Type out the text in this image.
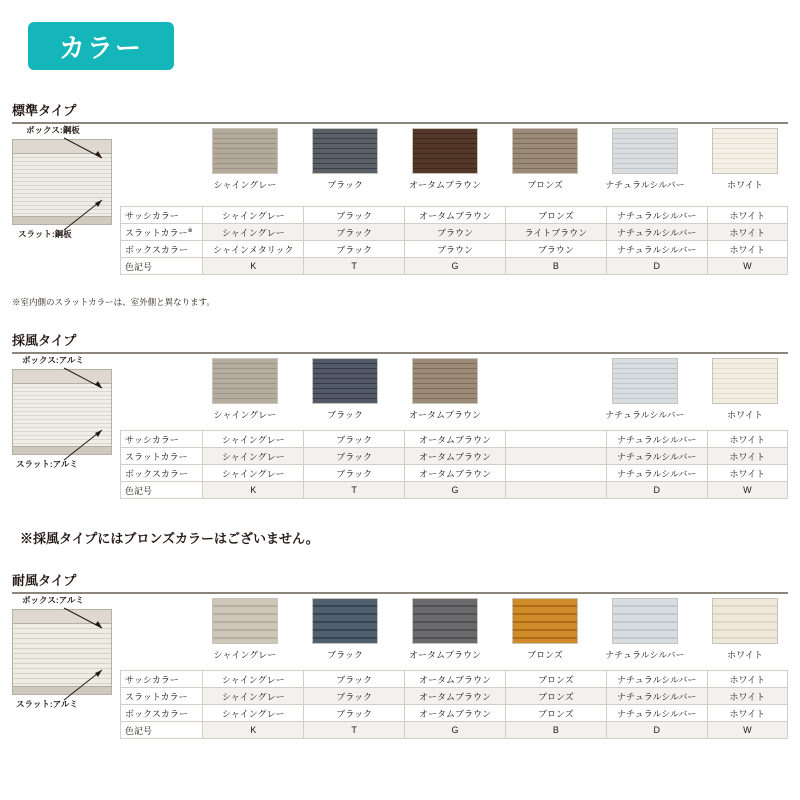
カラー
標準タイプ
ボックス:鋼板
スラット:鋼板
シャイングレー	ブラック	オータムブラウン	ブロンズ	ナチュラルシルバー	ホワイト
サッシカラー	シャイングレー	ブラック	オータムブラウン	ブロンズ	ナチュラルシルバー	ホワイト
スラットカラー※	シャイングレー	ブラック	ブラウン	ライトブラウン	ナチュラルシルバー	ホワイト
ボックスカラー	シャインメタリック	ブラック	ブラウン	ブラウン	ナチュラルシルバー	ホワイト
色記号	K	T	G	B	D	W
※室内側のスラットカラーは、室外側と異なります。
採風タイプ
ボックス:アルミ
スラット:アルミ
シャイングレー	ブラック	オータムブラウン	ナチュラルシルバー	ホワイト
サッシカラー	シャイングレー	ブラック	オータムブラウン		ナチュラルシルバー	ホワイト
スラットカラー	シャイングレー	ブラック	オータムブラウン		ナチュラルシルバー	ホワイト
ボックスカラー	シャイングレー	ブラック	オータムブラウン		ナチュラルシルバー	ホワイト
色記号	K	T	G		D	W
※採風タイプにはブロンズカラーはございません。
耐風タイプ
ボックス:アルミ
スラット:アルミ
シャイングレー	ブラック	オータムブラウン	ブロンズ	ナチュラルシルバー	ホワイト
サッシカラー	シャイングレー	ブラック	オータムブラウン	ブロンズ	ナチュラルシルバー	ホワイト
スラットカラー	シャイングレー	ブラック	オータムブラウン	ブロンズ	ナチュラルシルバー	ホワイト
ボックスカラー	シャイングレー	ブラック	オータムブラウン	ブロンズ	ナチュラルシルバー	ホワイト
色記号	K	T	G	B	D	W
